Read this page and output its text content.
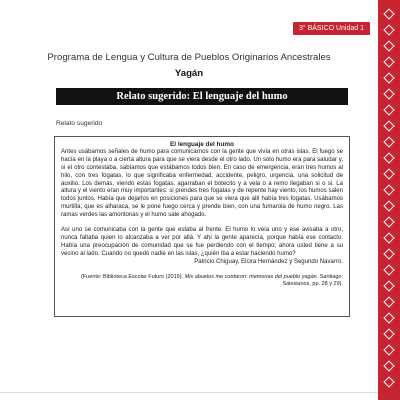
3° BÁSICO Unidad 1
Programa de Lengua y Cultura de Pueblos Originarios Ancestrales
Yagán
Relato sugerido: El lenguaje del humo
Relato sugerido
El lenguaje del humo

Antes usábamos señales de humo para comunicarnos con la gente que vivía en otras islas. El fuego se hacía en la playa o a cierta altura para que se viera desde el otro lado. Un solo humo era para saludar y, si el otro contestaba, sabíamos que estábamos todos bien. En caso de emergencia, eran tres humos al hilo, con tres fogatas, lo que significaba enfermedad, accidente, peligro, urgencia, una solicitud de auxilio. Los demás, viendo estas fogatas, agarraban el botecito y a vela o a remo llegaban si o si. La altura y el viento eran muy importantes: si prendes tres fogatas y de repente hay viento, los humos salen todos juntos. Había que dejarlos en posiciones para que se viera que allí había tres fogatas. Usábamos murtilla, que es alharaca, se le pone fuego cerca y prende bien, con una fumarola de humo negro. Las ramas verdes las amontonas y el humo sale ahogado.

Así uno se comunicaba con la gente que estaba al frente. El humo lo veía uno y ese avisaba a otro, nunca faltaba quien lo alcanzaba a ver por allá. Y ahí la gente aparecía, porque había ese contacto. Había una preocupación de comunidad que se fue perdiendo con el tiempo; ahora usted tiene a su vecino al lado. Cuando no quedó nadie en las islas, ¿quién iba a estar haciendo humo?

Patricio Chiguay, Elcira Hernández y Segundo Navarro.
(Fuente: Biblioteca Escolar Futuro (2019). Mis abuelos me contaron: memorias del pueblo yagán. Santiago: Salesianos, pp. 28 y 29).
